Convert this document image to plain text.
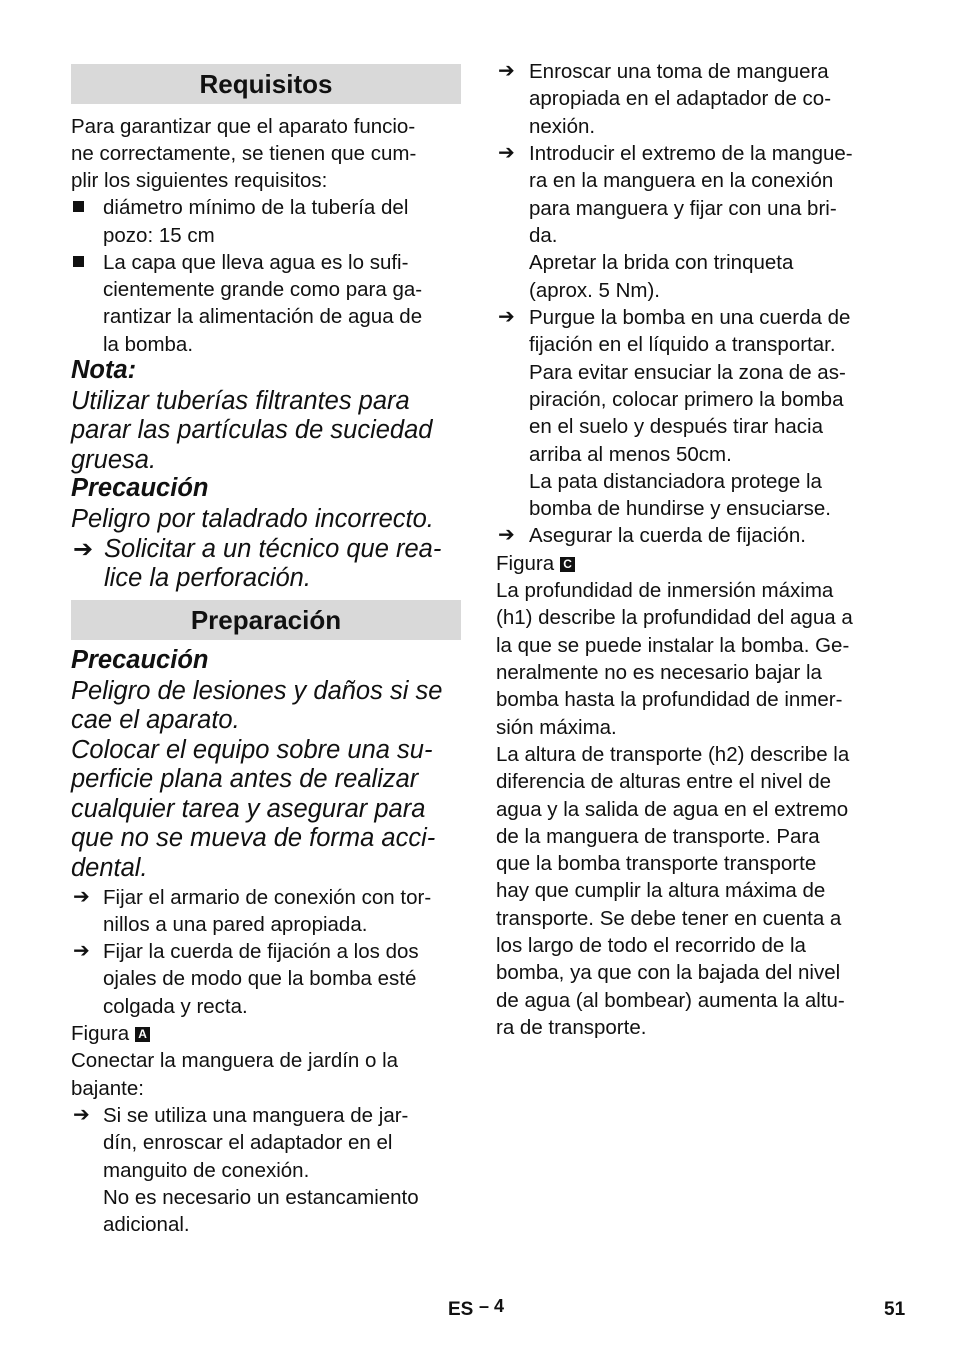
Requisitos
Para garantizar que el aparato funcio-
ne correctamente, se tienen que cum-
plir los siguientes requisitos:
diámetro mínimo de la tubería del
pozo: 15 cm
La capa que lleva agua es lo sufi-
cientemente grande como para ga-
rantizar la alimentación de agua de
la bomba.
Nota:
Utilizar tuberías filtrantes para
parar las partículas de suciedad
gruesa.
Precaución
Peligro por taladrado incorrecto.
➔ Solicitar a un técnico que rea-
lice la perforación.
Preparación
Precaución
Peligro de lesiones y daños si se
cae el aparato.
Colocar el equipo sobre una su-
perficie plana antes de realizar
cualquier tarea y asegurar para
que no se mueva de forma acci-
dental.
➔ Fijar el armario de conexión con tor-
nillos a una pared apropiada.
➔ Fijar la cuerda de fijación a los dos
ojales de modo que la bomba esté
colgada y recta.
Figura A
Conectar la manguera de jardín o la
bajante:
➔ Si se utiliza una manguera de jar-
dín, enroscar el adaptador en el
manguito de conexión.
No es necesario un estancamiento
adicional.
➔ Enroscar una toma de manguera
apropiada en el adaptador de co-
nexión.
➔ Introducir el extremo de la mangue-
ra en la manguera en la conexión
para manguera y fijar con una bri-
da.
Apretar la brida con trinqueta
(aprox. 5 Nm).
➔ Purgue la bomba en una cuerda de
fijación en el líquido a transportar.
Para evitar ensuciar la zona de as-
piración, colocar primero la bomba
en el suelo y después tirar hacia
arriba al menos 50cm.
La pata distanciadora protege la
bomba de hundirse y ensuciarse.
➔ Asegurar la cuerda de fijación.
Figura C
La profundidad de inmersión máxima
(h1) describe la profundidad del agua a
la que se puede instalar la bomba. Ge-
neralmente no es necesario bajar la
bomba hasta la profundidad de inmer-
sión máxima.
La altura de transporte (h2) describe la
diferencia de alturas entre el nivel de
agua y la salida de agua en el extremo
de la manguera de transporte. Para
que la bomba transporte transporte
hay que cumplir la altura máxima de
transporte. Se debe tener en cuenta a
los largo de todo el recorrido de la
bomba, ya que con la bajada del nivel
de agua (al bombear) aumenta la altu-
ra de transporte.
ES – 4	51
